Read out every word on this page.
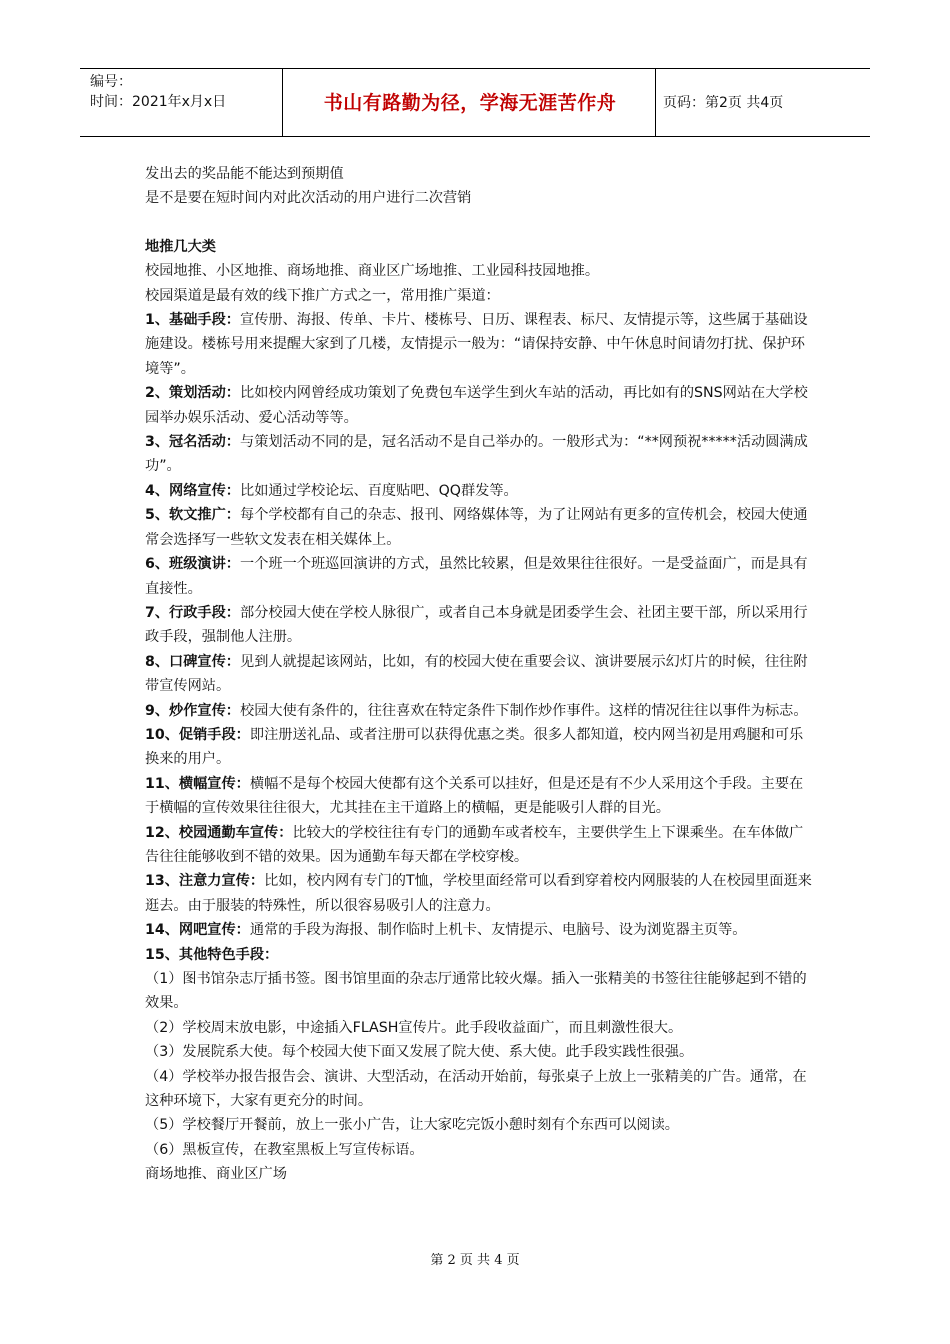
编号：
时间：2021年x月x日	书山有路勤为径，学海无涯苦作舟	页码：第2页 共4页

发出去的奖品能不能达到预期值

是不是要在短时间内对此次活动的用户进行二次营销

地推几大类

校园地推、小区地推、商场地推、商业区广场地推、工业园科技园地推。

校园渠道是最有效的线下推广方式之一，常用推广渠道：

1、基础手段：宣传册、海报、传单、卡片、楼栋号、日历、课程表、标尺、友情提示等，这些属于基础设施建设。楼栋号用来提醒大家到了几楼，友情提示一般为：“请保持安静、中午休息时间请勿打扰、保护环境等”。

2、策划活动：比如校内网曾经成功策划了免费包车送学生到火车站的活动，再比如有的SNS网站在大学校园举办娱乐活动、爱心活动等等。

3、冠名活动：与策划活动不同的是，冠名活动不是自己举办的。一般形式为：“**网预祝*****活动圆满成功”。

4、网络宣传：比如通过学校论坛、百度贴吧、QQ群发等。

5、软文推广：每个学校都有自己的杂志、报刊、网络媒体等，为了让网站有更多的宣传机会，校园大使通常会选择写一些软文发表在相关媒体上。

6、班级演讲：一个班一个班巡回演讲的方式，虽然比较累，但是效果往往很好。一是受益面广，而是具有直接性。

7、行政手段：部分校园大使在学校人脉很广，或者自己本身就是团委学生会、社团主要干部，所以采用行政手段，强制他人注册。

8、口碑宣传：见到人就提起该网站，比如，有的校园大使在重要会议、演讲要展示幻灯片的时候，往往附带宣传网站。

9、炒作宣传：校园大使有条件的，往往喜欢在特定条件下制作炒作事件。这样的情况往往以事件为标志。

10、促销手段：即注册送礼品、或者注册可以获得优惠之类。很多人都知道，校内网当初是用鸡腿和可乐换来的用户。

11、横幅宣传：横幅不是每个校园大使都有这个关系可以挂好，但是还是有不少人采用这个手段。主要在于横幅的宣传效果往往很大，尤其挂在主干道路上的横幅，更是能吸引人群的目光。

12、校园通勤车宣传：比较大的学校往往有专门的通勤车或者校车，主要供学生上下课乘坐。在车体做广告往往能够收到不错的效果。因为通勤车每天都在学校穿梭。

13、注意力宣传：比如，校内网有专门的T恤，学校里面经常可以看到穿着校内网服装的人在校园里面逛来逛去。由于服装的特殊性，所以很容易吸引人的注意力。

14、网吧宣传：通常的手段为海报、制作临时上机卡、友情提示、电脑号、设为浏览器主页等。

15、其他特色手段：

（1）图书馆杂志厅插书签。图书馆里面的杂志厅通常比较火爆。插入一张精美的书签往往能够起到不错的效果。

（2）学校周末放电影，中途插入FLASH宣传片。此手段收益面广，而且刺激性很大。

（3）发展院系大使。每个校园大使下面又发展了院大使、系大使。此手段实践性很强。

（4）学校举办报告报告会、演讲、大型活动，在活动开始前，每张桌子上放上一张精美的广告。通常，在这种环境下，大家有更充分的时间。

（5）学校餐厅开餐前，放上一张小广告，让大家吃完饭小憩时刻有个东西可以阅读。

（6）黑板宣传，在教室黑板上写宣传标语。

商场地推、商业区广场

第 2 页 共 4 页
